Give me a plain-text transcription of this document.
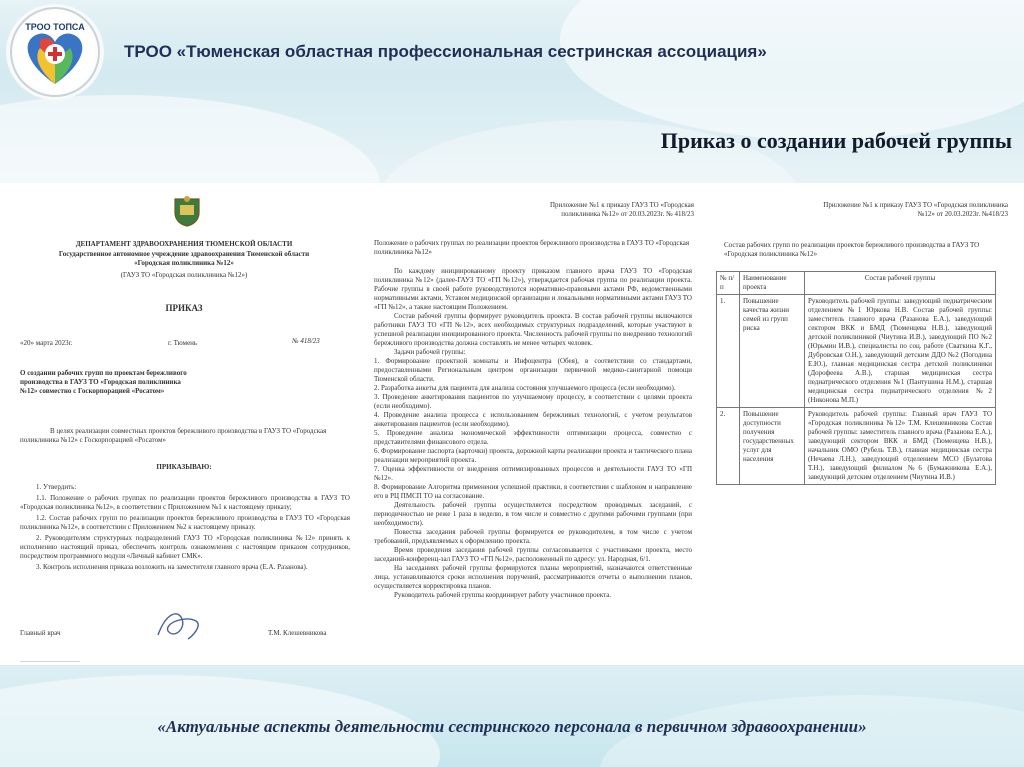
ТРОО ТОПСА
ТРОО «Тюменская областная профессиональная сестринская ассоциация»
Приказ о создании рабочей группы

ДЕПАРТАМЕНТ ЗДРАВООХРАНЕНИЯ ТЮМЕНСКОЙ ОБЛАСТИ

Государственное автономное учреждение здравоохранения Тюменской области «Городская поликлиника №12»

(ГАУЗ ТО «Городская поликлиника №12»)

ПРИКАЗ

«20» марта 2023г.	г. Тюмень	№ 418/23

О создании рабочих групп по проектам бережливого производства в ГАУЗ ТО «Городская поликлиника №12» совместно с Госкорпорацией «Росатом»

В целях реализации совместных проектов бережливого производства в ГАУЗ ТО «Городская поликлиника №12» с Госкорпорацией «Росатом»

ПРИКАЗЫВАЮ:

1. Утвердить:

1.1. Положение о рабочих группах по реализации проектов бережливого производства в ГАУЗ ТО «Городская поликлиника №12», в соответствии с Приложением №1 к настоящему приказу;

1.2. Состав рабочих групп по реализации проектов бережливого производства в ГАУЗ ТО «Городская поликлиника №12», в соответствии с Приложением №2 к настоящему приказу.

2. Руководителям структурных подразделений ГАУЗ ТО «Городская поликлиника №12» принять к исполнению настоящий приказ, обеспечить контроль ознакомления с настоящим приказом сотрудников, посредством программного модуля «Личный кабинет СМК».

3. Контроль исполнения приказа возложить на заместителя главного врача (Е.А. Разанова).

Главный врач	Т.М. Клешевникова

Приложение №1 к приказу ГАУЗ ТО «Городская поликлиника №12» от 20.03.2023г. № 418/23

Положение о рабочих группах по реализации проектов бережливого производства в ГАУЗ ТО «Городская поликлиника №12»

По каждому инициированному проекту приказом главного врача ГАУЗ ТО «Городская поликлиника №12» (далее-ГАУЗ ТО «ГП №12»), утверждается рабочая группа по реализации проекта. Рабочие группы в своей работе руководствуются нормативно-правовыми актами РФ, ведомственными нормативными актами, Уставом медицинской организации и локальными нормативными актами ГАУЗ ТО «ГП №12», а также настоящим Положением.

Состав рабочей группы формирует руководитель проекта. В состав рабочей группы включаются работники ГАУЗ ТО «ГП №12», всех необходимых структурных подразделений, которые участвуют в успешной реализации инициированного проекта. Численность рабочей группы по внедрению технологий бережливого производства должна составлять не менее четырех человек.

Задачи рабочей группы:

1. Формирование проектной комнаты и Инфоцентра (Обея), в соответствии со стандартами, предоставленными Региональным центром организации первичной медико-санитарной помощи Тюменской области.

2. Разработка анкеты для пациента для анализа состояния улучшаемого процесса (если необходимо).

3. Проведение анкетирования пациентов по улучшаемому процессу, в соответствии с целями проекта (если необходимо).

4. Проведение анализа процесса с использованием бережливых технологий, с учетом результатов анкетирования пациентов (если необходимо).

5. Проведение анализа экономической эффективности оптимизации процесса, совместно с представителями финансового отдела.

6. Формирование паспорта (карточки) проекта, дорожной карты реализации проекта и тактического плана реализации мероприятий проекта.

7. Оценка эффективности от внедрения оптимизированных процессов и деятельности ГАУЗ ТО «ГП №12».

8. Формирование Алгоритма применения успешной практики, в соответствии с шаблоном и направление его в РЦ ПМСП ТО на согласование.

Деятельность рабочей группы осуществляется посредством проводимых заседаний, с периодичностью не реже 1 раза в неделю, в том числе и совместно с другими рабочими группами (при необходимости).

Повестка заседания рабочей группы формируется ее руководителем, в том числе с учетом требований, предъявляемых к оформлению проекта.

Время проведения заседания рабочей группы согласовывается с участниками проекта, место заседаний-конференц-зал ГАУЗ ТО «ГП №12», расположенный по адресу: ул. Народная, 6/1.

На заседаниях рабочей группы формируются планы мероприятий, назначаются ответственные лица, устанавливаются сроки исполнения поручений, рассматриваются отчеты о выполнении планов, осуществляется корректировка планов.

Руководитель рабочей группы координирует работу участников проекта.

Приложение №1 к приказу ГАУЗ ТО «Городская поликлиника №12» от 20.03.2023г. №418/23

Состав рабочих групп по реализации проектов бережливого производства в ГАУЗ ТО «Городская поликлиника №12»

№ п/п	Наименование проекта	Состав рабочей группы
1.	Повышение качества жизни семей из групп риска	Руководитель рабочей группы: заведующий педиатрическим отделением №1 Юркова Н.В. Состав рабочей группы: заместитель главного врача (Разанова Е.А.), заведующий сектором ВКК и БМД (Тюменцева Н.В.), заведующий детской поликлиникой (Чиутина И.В.), заведующий ПО №2 (Юрьмин И.В.), специалисты по соц. работе (Сваткина К.Г., Дубровская О.Н.), заведующий детским ДДО №2 (Погодина Е.Ю.), главная медицинская сестра детской поликлиники (Дорофеева А.В.), старшая медицинская сестра педиатрического отделения №1 (Пантушина Н.М.), старшая медицинская сестра педиатрического отделения №2 (Никонова М.П.)
2.	Повышение доступности получения государственных услуг для населения	Руководитель рабочей группы: Главный врач ГАУЗ ТО «Городская поликлиника №12» Т.М. Клешевникова Состав рабочей группы: заместитель главного врача (Разанова Е.А.), заведующий сектором ВКК и БМД (Тюменцева Н.В.), начальник ОМО (Рубель Т.В.), главная медицинская сестра (Нечаева Л.Н.), заведующий отделением МСО (Булатова Т.Н.), заведующий филиалом №6 (Бумажникова Е.А.), заведующий детским отделением (Чиутина И.В.)
«Актуальные аспекты деятельности сестринского персонала в первичном здравоохранении»
